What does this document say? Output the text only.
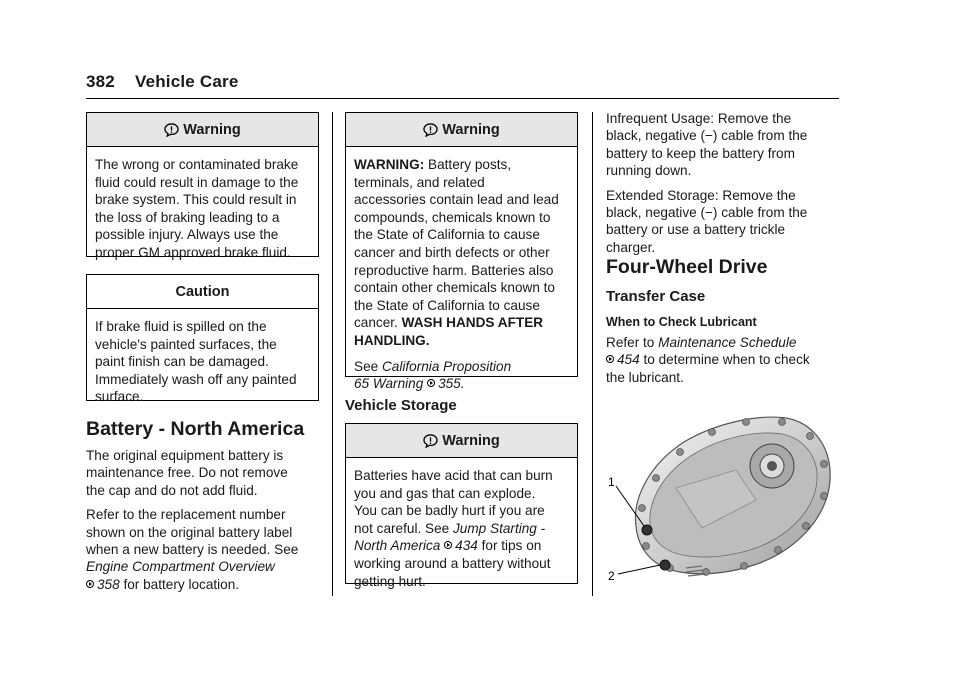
382 Vehicle Care
Warning
The wrong or contaminated brake
fluid could result in damage to the
brake system. This could result in
the loss of braking leading to a
possible injury. Always use the
proper GM approved brake fluid.
Caution
If brake fluid is spilled on the
vehicle's painted surfaces, the
paint finish can be damaged.
Immediately wash off any painted
surface.
Battery - North America

The original equipment battery is
maintenance free. Do not remove
the cap and do not add fluid.

Refer to the replacement number
shown on the original battery label
when a new battery is needed. See
Engine Compartment Overview
358 for battery location.

Warning

WARNING: Battery posts,
terminals, and related
accessories contain lead and lead
compounds, chemicals known to
the State of California to cause
cancer and birth defects or other
reproductive harm. Batteries also
contain other chemicals known to
the State of California to cause
cancer. WASH HANDS AFTER
HANDLING.

See California Proposition
65 Warning 355.

Vehicle Storage
Warning
Batteries have acid that can burn
you and gas that can explode.
You can be badly hurt if you are
not careful. See Jump Starting -
North America 434 for tips on
working around a battery without
getting hurt.

Infrequent Usage: Remove the
black, negative (−) cable from the
battery to keep the battery from
running down.

Extended Storage: Remove the
black, negative (−) cable from the
battery or use a battery trickle
charger.

Four-Wheel Drive
Transfer Case
When to Check Lubricant

Refer to Maintenance Schedule
454 to determine when to check
the lubricant.

1
2
